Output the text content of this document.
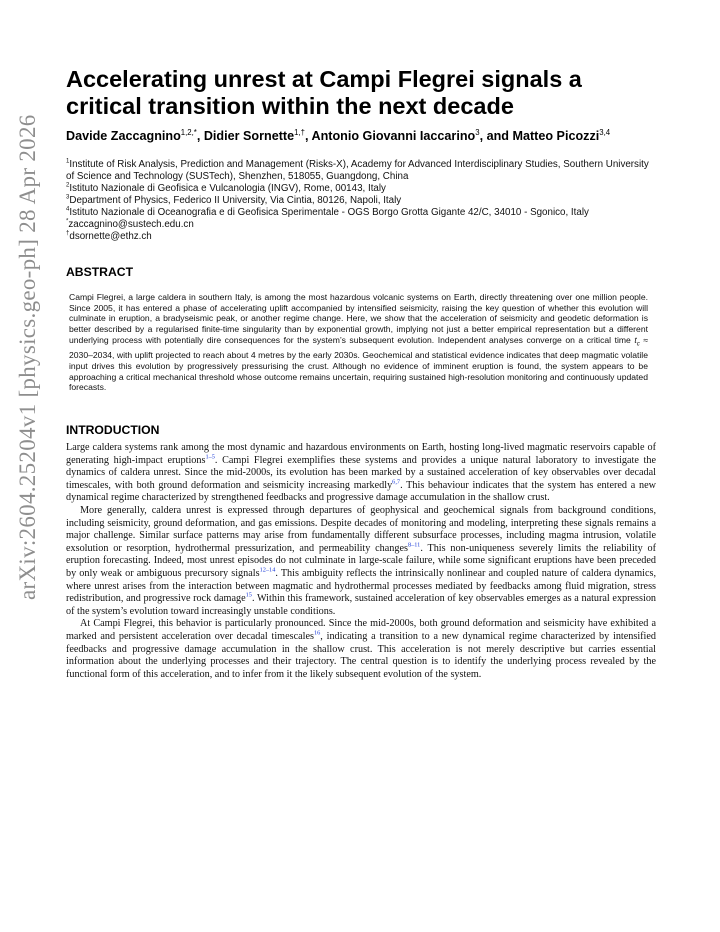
arXiv:2604.25204v1 [physics.geo-ph] 28 Apr 2026
Accelerating unrest at Campi Flegrei signals a critical transition within the next decade
Davide Zaccagnino$^{1,2,*}$, Didier Sornette$^{1,\dagger}$, Antonio Giovanni Iaccarino$^3$, and Matteo Picozzi$^{3,4}$
$^1$Institute of Risk Analysis, Prediction and Management (Risks-X), Academy for Advanced Interdisciplinary Studies, Southern University of Science and Technology (SUSTech), Shenzhen, 518055, Guangdong, China
$^2$Istituto Nazionale di Geofisica e Vulcanologia (INGV), Rome, 00143, Italy
$^3$Department of Physics, Federico II University, Via Cintia, 80126, Napoli, Italy
$^4$Istituto Nazionale di Oceanografia e di Geofisica Sperimentale - OGS Borgo Grotta Gigante 42/C, 34010 - Sgonico, Italy
*zaccagnino@sustech.edu.cn
†dsornette@ethz.ch
ABSTRACT
Campi Flegrei, a large caldera in southern Italy, is among the most hazardous volcanic systems on Earth, directly threatening over one million people. Since 2005, it has entered a phase of accelerating uplift accompanied by intensified seismicity, raising the key question of whether this evolution will culminate in eruption, a bradyseismic peak, or another regime change. Here, we show that the acceleration of seismicity and geodetic deformation is better described by a regularised finite-time singularity than by exponential growth, implying not just a better empirical representation but a different underlying process with potentially dire consequences for the system’s subsequent evolution. Independent analyses converge on a critical time $t_c \approx 2030-2034$, with uplift projected to reach about 4 metres by the early 2030s. Geochemical and statistical evidence indicates that deep magmatic volatile input drives this evolution by progressively pressurising the crust. Although no evidence of imminent eruption is found, the system appears to be approaching a critical mechanical threshold whose outcome remains uncertain, requiring sustained high-resolution monitoring and continuously updated forecasts.
INTRODUCTION

Large caldera systems rank among the most dynamic and hazardous environments on Earth, hosting long-lived magmatic reservoirs capable of generating high-impact eruptions$^{1-5}$. Campi Flegrei exemplifies these systems and provides a unique natural laboratory to investigate the dynamics of caldera unrest. Since the mid-2000s, its evolution has been marked by a sustained acceleration of key observables over decadal timescales, with both ground deformation and seismicity increasing markedly$^{6,7}$. This behaviour indicates that the system has entered a new dynamical regime characterized by strengthened feedbacks and progressive damage accumulation in the shallow crust.

More generally, caldera unrest is expressed through departures of geophysical and geochemical signals from background conditions, including seismicity, ground deformation, and gas emissions. Despite decades of monitoring and modeling, interpreting these signals remains a major challenge. Similar surface patterns may arise from fundamentally different subsurface processes, including magma intrusion, volatile exsolution or resorption, hydrothermal pressurization, and permeability changes$^{8-11}$. This non-uniqueness severely limits the reliability of eruption forecasting. Indeed, most unrest episodes do not culminate in large-scale failure, while some significant eruptions have been preceded by only weak or ambiguous precursory signals$^{12-14}$. This ambiguity reflects the intrinsically nonlinear and coupled nature of caldera dynamics, where unrest arises from the interaction between magmatic and hydrothermal processes mediated by feedbacks among fluid migration, stress redistribution, and progressive rock damage$^{15}$. Within this framework, sustained acceleration of key observables emerges as a natural expression of the system’s evolution toward increasingly unstable conditions.

At Campi Flegrei, this behavior is particularly pronounced. Since the mid-2000s, both ground deformation and seismicity have exhibited a marked and persistent acceleration over decadal timescales$^{16}$, indicating a transition to a new dynamical regime characterized by intensified feedbacks and progressive damage accumulation in the shallow crust. This acceleration is not merely descriptive but carries essential information about the underlying processes and their trajectory. The central question is to identify the underlying process revealed by the functional form of this acceleration, and to infer from it the likely subsequent evolution of the system.
